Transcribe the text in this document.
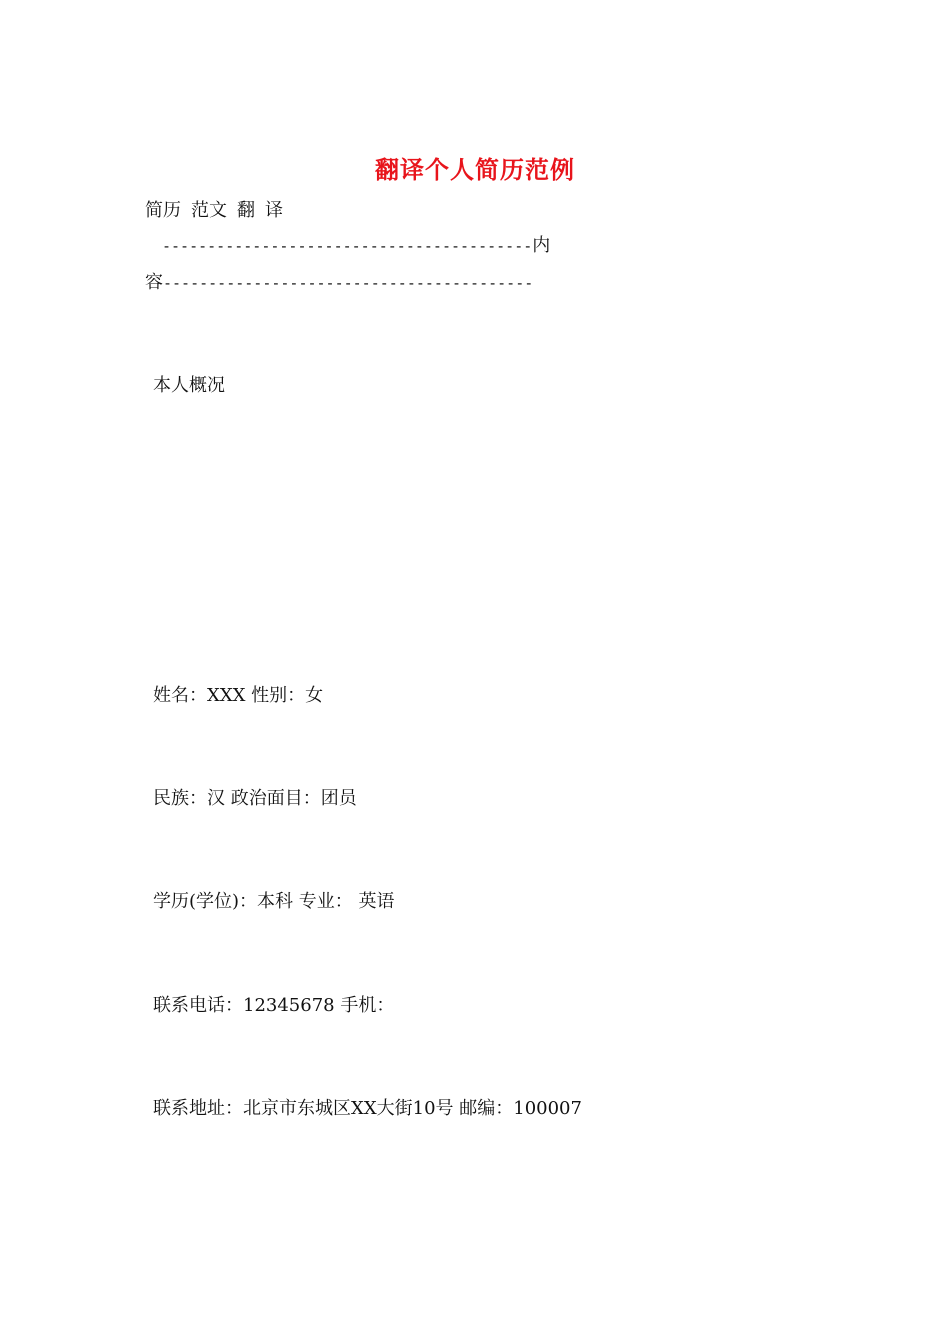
翻译个人简历范例
简历 范文 翻 译
-----------------------------------------内
容-----------------------------------------
本人概况
姓名：XXX 性别：女
民族：汉 政治面目：团员
学历(学位)：本科 专业： 英语
联系电话：12345678 手机：
联系地址：北京市东城区XX大街10号 邮编：100007
